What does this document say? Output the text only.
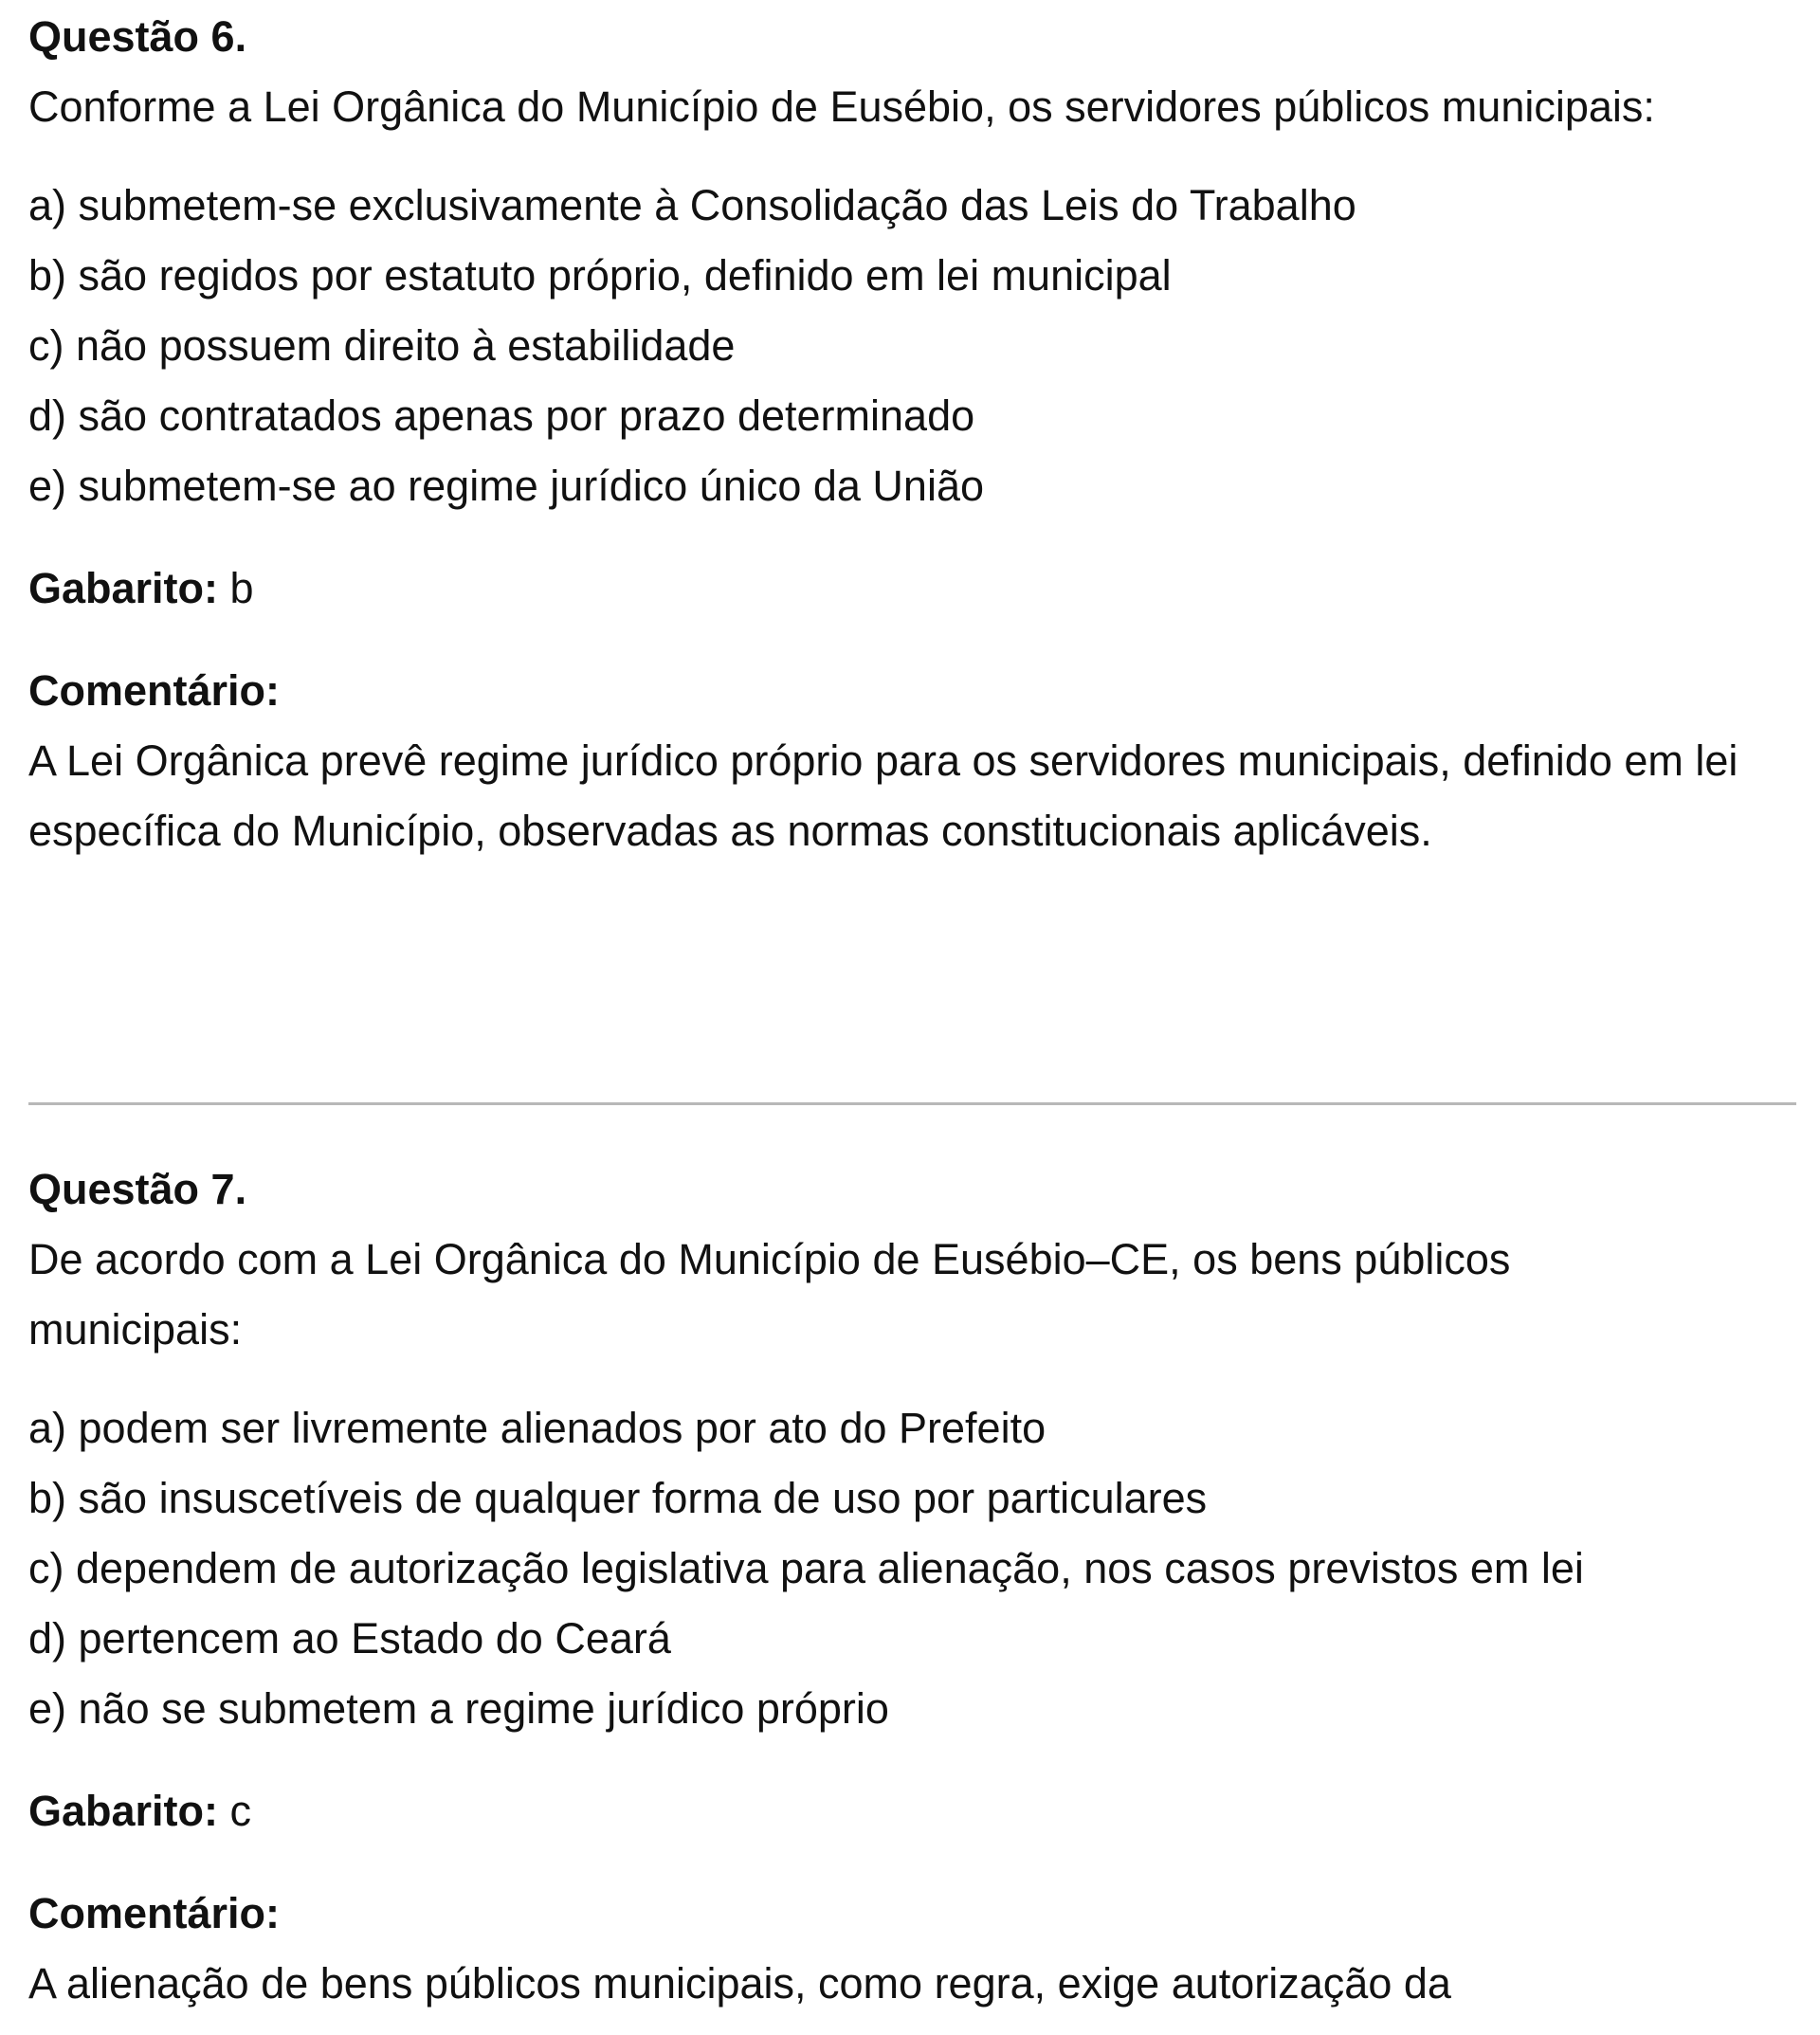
Questão 6.

Conforme a Lei Orgânica do Município de Eusébio, os servidores públicos municipais:

a) submetem-se exclusivamente à Consolidação das Leis do Trabalho
b) são regidos por estatuto próprio, definido em lei municipal
c) não possuem direito à estabilidade
d) são contratados apenas por prazo determinado
e) submetem-se ao regime jurídico único da União
Gabarito: b
Comentário:
A Lei Orgânica prevê regime jurídico próprio para os servidores municipais, definido em lei específica do Município, observadas as normas constitucionais aplicáveis.

Questão 7.

De acordo com a Lei Orgânica do Município de Eusébio–CE, os bens públicos municipais:

a) podem ser livremente alienados por ato do Prefeito
b) são insuscetíveis de qualquer forma de uso por particulares
c) dependem de autorização legislativa para alienação, nos casos previstos em lei
d) pertencem ao Estado do Ceará
e) não se submetem a regime jurídico próprio
Gabarito: c
Comentário:
A alienação de bens públicos municipais, como regra, exige autorização da
